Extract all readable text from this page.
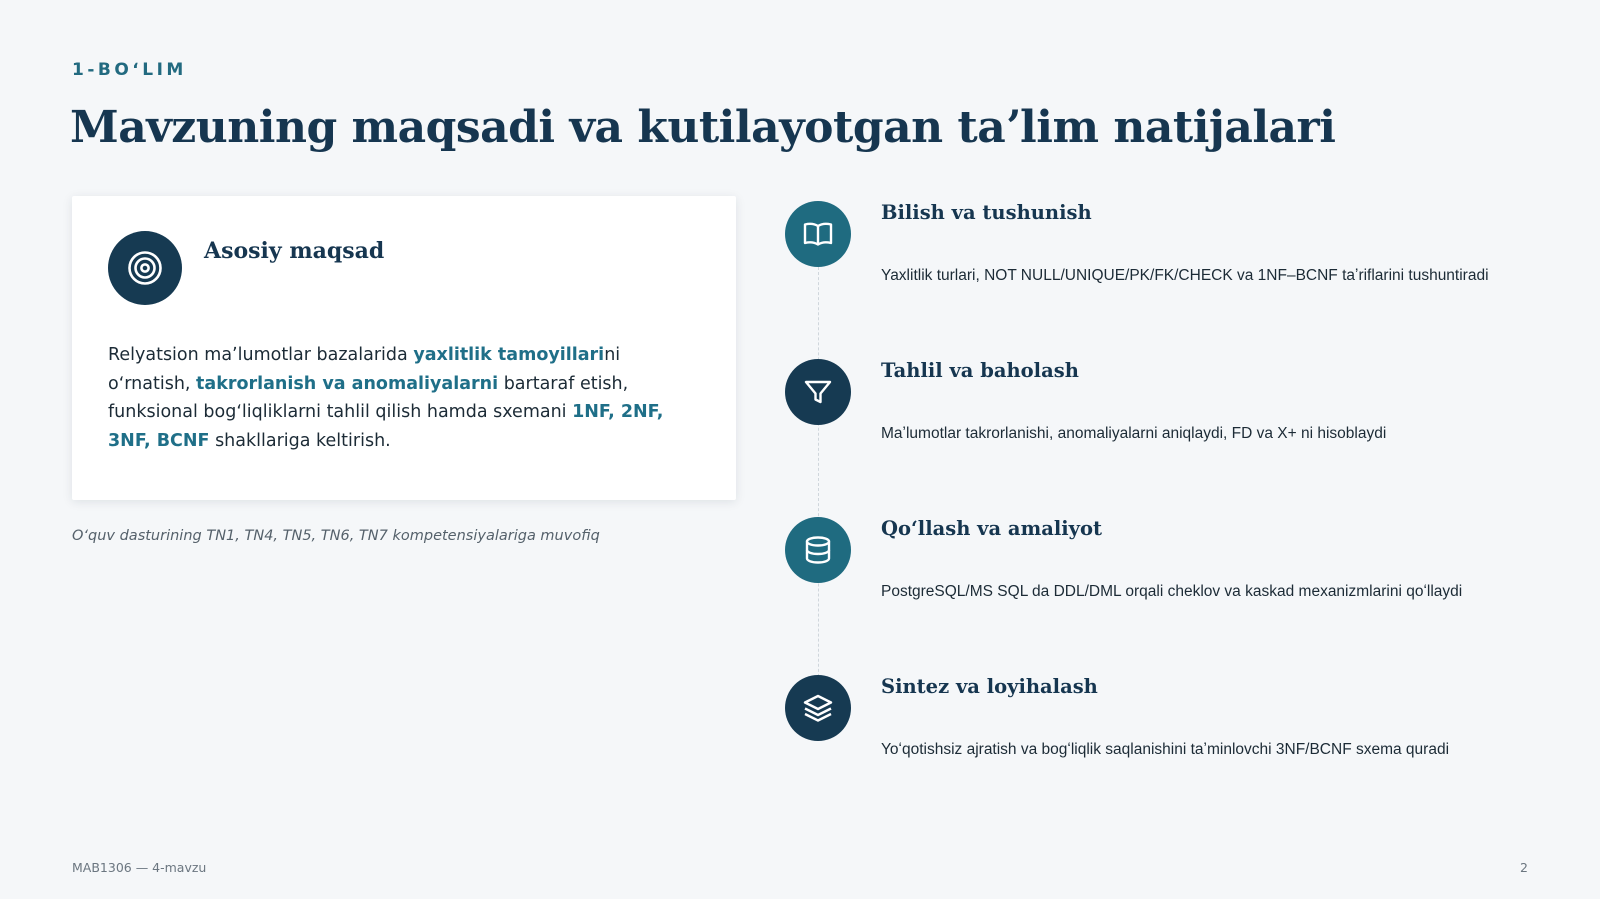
1-BOʻLIM
Mavzuning maqsadi va kutilayotgan taʼlim natijalari
Asosiy maqsad

Relyatsion maʼlumotlar bazalarida yaxlitlik tamoyillarini oʻrnatish, takrorlanish va anomaliyalarni bartaraf etish, funksional bogʻliqliklarni tahlil qilish hamda sxemani 1NF, 2NF, 3NF, BCNF shakllariga keltirish.

Oʻquv dasturining TN1, TN4, TN5, TN6, TN7 kompetensiyalariga muvofiq
Bilish va tushunish
Yaxlitlik turlari, NOT NULL/UNIQUE/PK/FK/CHECK va 1NF–BCNF taʼriflarini tushuntiradi
Tahlil va baholash
Maʼlumotlar takrorlanishi, anomaliyalarni aniqlaydi, FD va X+ ni hisoblaydi
Qoʻllash va amaliyot
PostgreSQL/MS SQL da DDL/DML orqali cheklov va kaskad mexanizmlarini qoʻllaydi
Sintez va loyihalash
Yoʻqotishsiz ajratish va bogʻliqlik saqlanishini taʼminlovchi 3NF/BCNF sxema quradi
MAB1306 — 4-mavzu	2
